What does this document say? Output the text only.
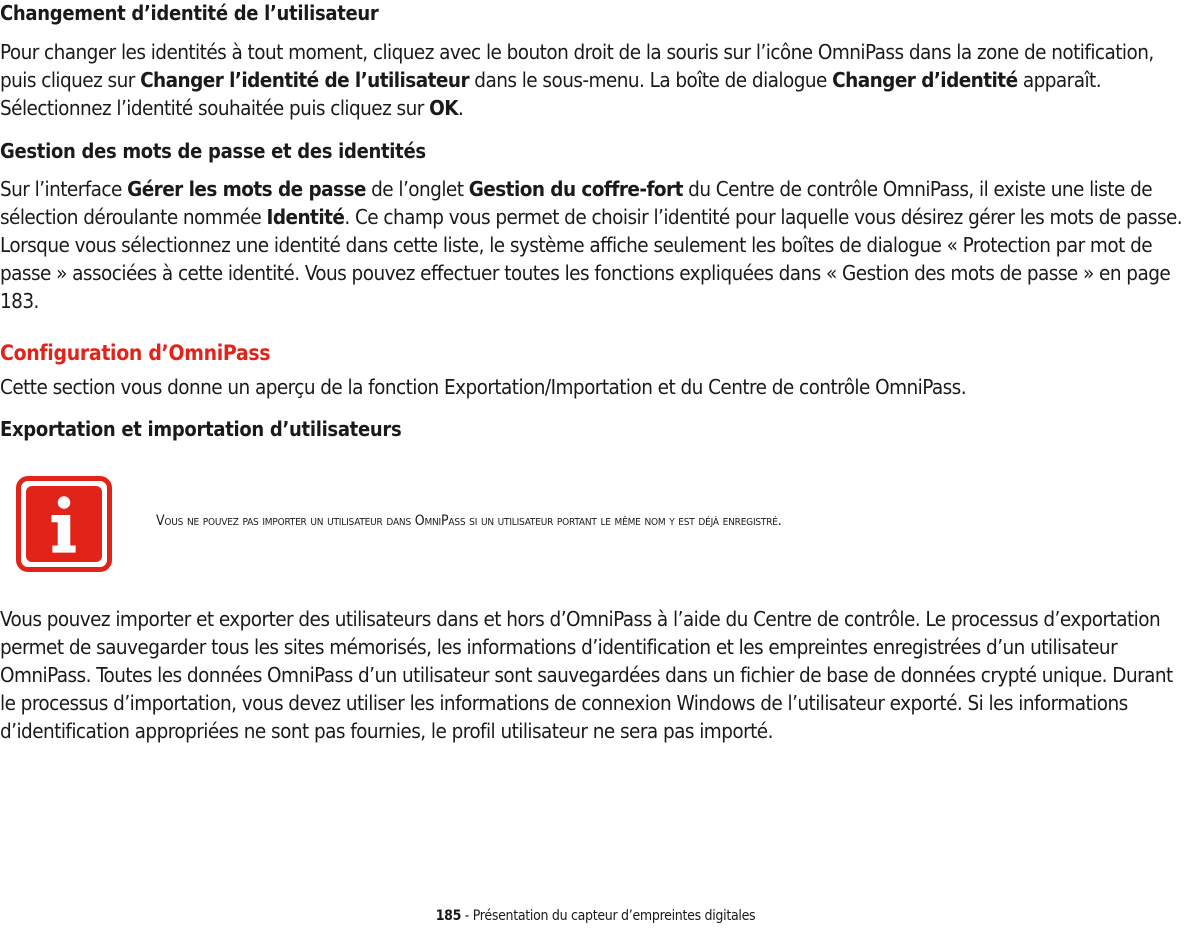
Changement d’identité de l’utilisateur

Pour changer les identités à tout moment, cliquez avec le bouton droit de la souris sur l’icône OmniPass dans la zone de notification, puis cliquez sur Changer l’identité de l’utilisateur dans le sous-menu. La boîte de dialogue Changer d’identité apparaît. Sélectionnez l’identité souhaitée puis cliquez sur OK.

Gestion des mots de passe et des identités

Sur l’interface Gérer les mots de passe de l’onglet Gestion du coffre-fort du Centre de contrôle OmniPass, il existe une liste de sélection déroulante nommée Identité. Ce champ vous permet de choisir l’identité pour laquelle vous désirez gérer les mots de passe. Lorsque vous sélectionnez une identité dans cette liste, le système affiche seulement les boîtes de dialogue « Protection par mot de passe » associées à cette identité. Vous pouvez effectuer toutes les fonctions expliquées dans « Gestion des mots de passe » en page 183.

Configuration d’OmniPass

Cette section vous donne un aperçu de la fonction Exportation/Importation et du Centre de contrôle OmniPass.

Exportation et importation d’utilisateurs
Vous ne pouvez pas importer un utilisateur dans OmniPass si un utilisateur portant le même nom y est déjà enregistré.

Vous pouvez importer et exporter des utilisateurs dans et hors d’OmniPass à l’aide du Centre de contrôle. Le processus d’exportation permet de sauvegarder tous les sites mémorisés, les informations d’identification et les empreintes enregistrées d’un utilisateur OmniPass. Toutes les données OmniPass d’un utilisateur sont sauvegardées dans un fichier de base de données crypté unique. Durant le processus d’importation, vous devez utiliser les informations de connexion Windows de l’utilisateur exporté. Si les informations d’identification appropriées ne sont pas fournies, le profil utilisateur ne sera pas importé.

185 - Présentation du capteur d’empreintes digitales
